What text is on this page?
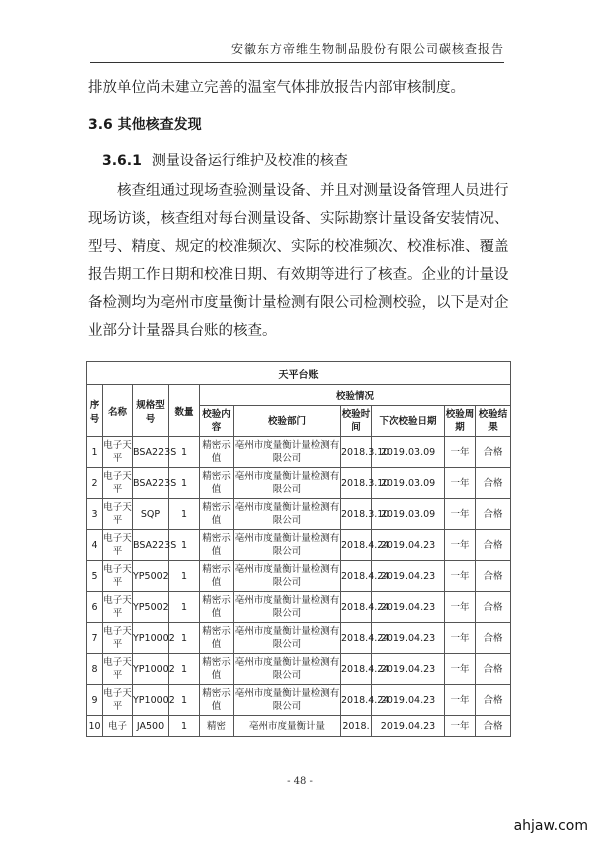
安徽东方帝维生物制品股份有限公司碳核查报告
排放单位尚未建立完善的温室气体排放报告内部审核制度。
3.6 其他核查发现
3.6.1 测量设备运行维护及校准的核查
核查组通过现场查验测量设备、并且对测量设备管理人员进行现场访谈，核查组对每台测量设备、实际勘察计量设备安装情况、型号、精度、规定的校准频次、实际的校准频次、校准标准、覆盖报告期工作日期和校准日期、有效期等进行了核查。企业的计量设备检测均为亳州市度量衡计量检测有限公司检测校验，以下是对企业部分计量器具台账的核查。
天平台账									
序号	名称	规格型号	数量	校验情况					
				校验内容	校验部门	校验时间	下次校验日期	校验周期	校验结果
1	电子天平	BSA223S	1	精密示值	亳州市度量衡计量检测有限公司	2018.3.10	2019.03.09	一年	合格
2	电子天平	BSA223S	1	精密示值	亳州市度量衡计量检测有限公司	2018.3.10	2019.03.09	一年	合格
3	电子天平	SQP	1	精密示值	亳州市度量衡计量检测有限公司	2018.3.10	2019.03.09	一年	合格
4	电子天平	BSA223S	1	精密示值	亳州市度量衡计量检测有限公司	2018.4.24	2019.04.23	一年	合格
5	电子天平	YP5002	1	精密示值	亳州市度量衡计量检测有限公司	2018.4.24	2019.04.23	一年	合格
6	电子天平	YP5002	1	精密示值	亳州市度量衡计量检测有限公司	2018.4.24	2019.04.23	一年	合格
7	电子天平	YP10002	1	精密示值	亳州市度量衡计量检测有限公司	2018.4.24	2019.04.23	一年	合格
8	电子天平	YP10002	1	精密示值	亳州市度量衡计量检测有限公司	2018.4.24	2019.04.23	一年	合格
9	电子天平	YP10002	1	精密示值	亳州市度量衡计量检测有限公司	2018.4.24	2019.04.23	一年	合格
10	电子	JA500	1	精密	亳州市度量衡计量	2018.	2019.04.23	一年	合格
- 48 -
ahjaw.com
